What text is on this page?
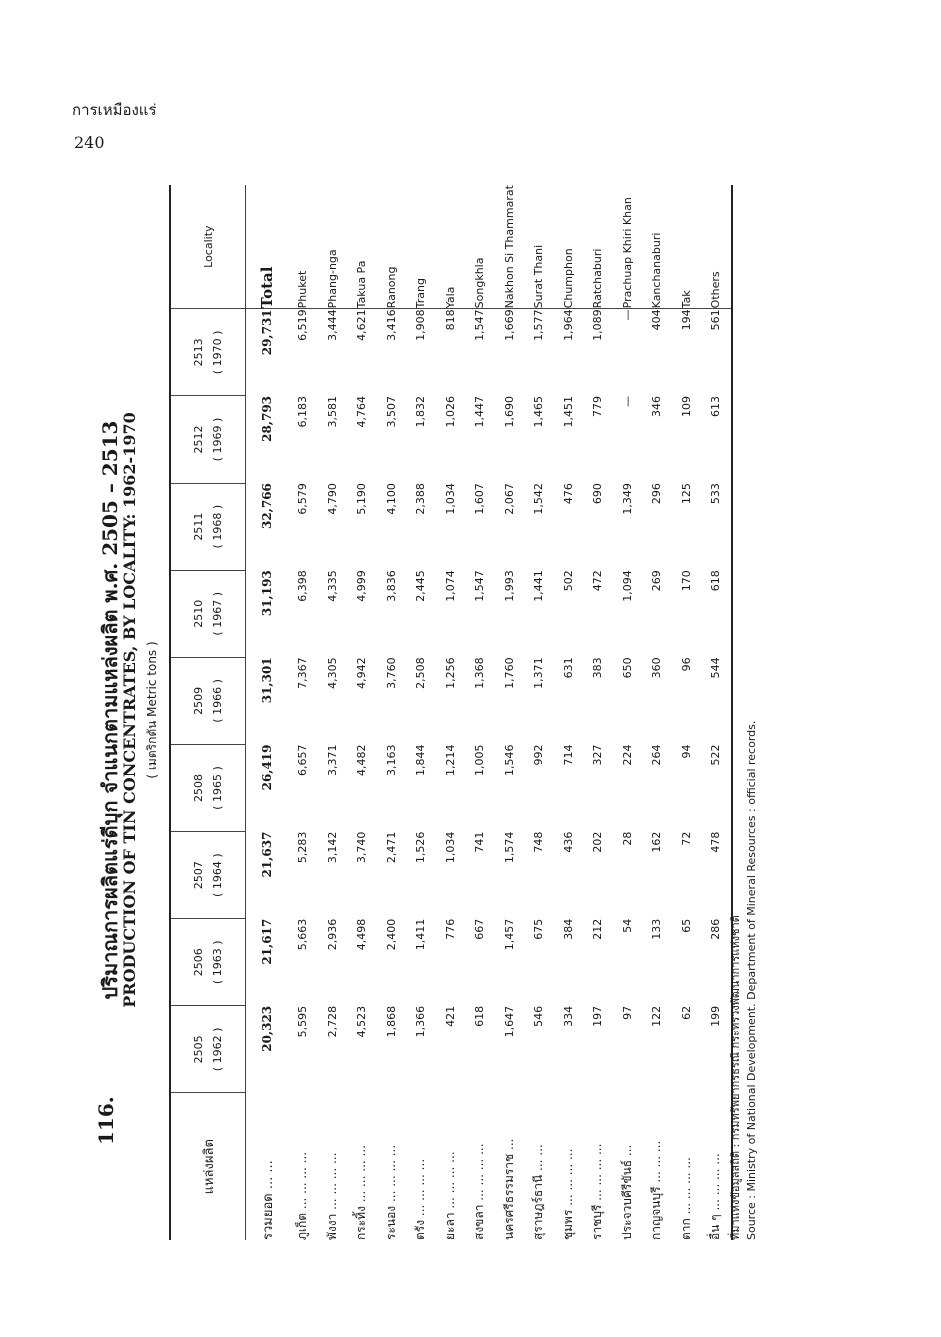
การเหมืองแร่
240
116.
ปริมาณการผลิตแร่ดีบุก จำแนกตามแหล่งผลิต พ.ศ. 2505 – 2513
PRODUCTION OF TIN CONCENTRATES, BY LOCALITY: 1962-1970 ( เมตริกตัน Metric tons )
แหล่งผลิต	2505	2506	2507	2508	2509	2510	2511	2512	2513	Locality
	( 1962 )	( 1963 )	( 1964 )	( 1965 )	( 1966 )	( 1967 )	( 1968 )	( 1969 )	( 1970 )	
รวมยอด ... ...	20,323	21,617	21,637	26,419	31,301	31,193	32,766	28,793	29,731	Total
ภูเก็ต ... ... ... ...	5,595	5,663	5,283	6,657	7,367	6,398	6,579	6,183	6,519	Phuket
พังงา ... ... ... ...	2,728	2,936	3,142	3,371	4,305	4,335	4,790	3,581	3,444	Phang-nga
กระทิ้ง ... ... ... ...	4,523	4,498	3,740	4,482	4,942	4,999	5,190	4,764	4,621	Takua Pa
ระนอง ... ... ... ...	1,868	2,400	2,471	3,163	3,760	3,836	4,100	3,507	3,416	Ranong
ตรัง ... ... ... ...	1,366	1,411	1,526	1,844	2,508	2,445	2,388	1,832	1,908	Trang
ยะลา ... ... ... ...	421	776	1,034	1,214	1,256	1,074	1,034	1,026	818	Yala
สงขลา ... ... ... ...	618	667	741	1,005	1,368	1,547	1,607	1,447	1,547	Songkhla
นครศรีธรรมราช ...	1,647	1,457	1,574	1,546	1,760	1,993	2,067	1,690	1,669	Nakhon Si Thammarat
สุราษฎร์ธานี ... ...	546	675	748	992	1,371	1,441	1,542	1,465	1,577	Surat Thani
ชุมพร ... ... ... ...	334	384	436	714	631	502	476	1,451	1,964	Chumphon
ราชบุรี ... ... ... ...	197	212	202	327	383	472	690	779	1,089	Ratchaburi
ประจวบคีรีขันธ์ ...	97	54	28	224	650	1,094	1,349	—	—	Prachuap Khiri Khan
กาญจนบุรี ... ... ...	122	133	162	264	360	269	296	346	404	Kanchanaburi
ตาก ... ... ... ...	62	65	72	94	96	170	125	109	194	Tak
อื่น ๆ ... ... ... ...	199	286	478	522	544	618	533	613	561	Others
ที่มาแห่งข้อมูลสถิติ : กรมทรัพยากรธรณี กระทรวงพัฒนาการแห่งชาติ Source : Ministry of National Development. Department of Mineral Resources : official records.
